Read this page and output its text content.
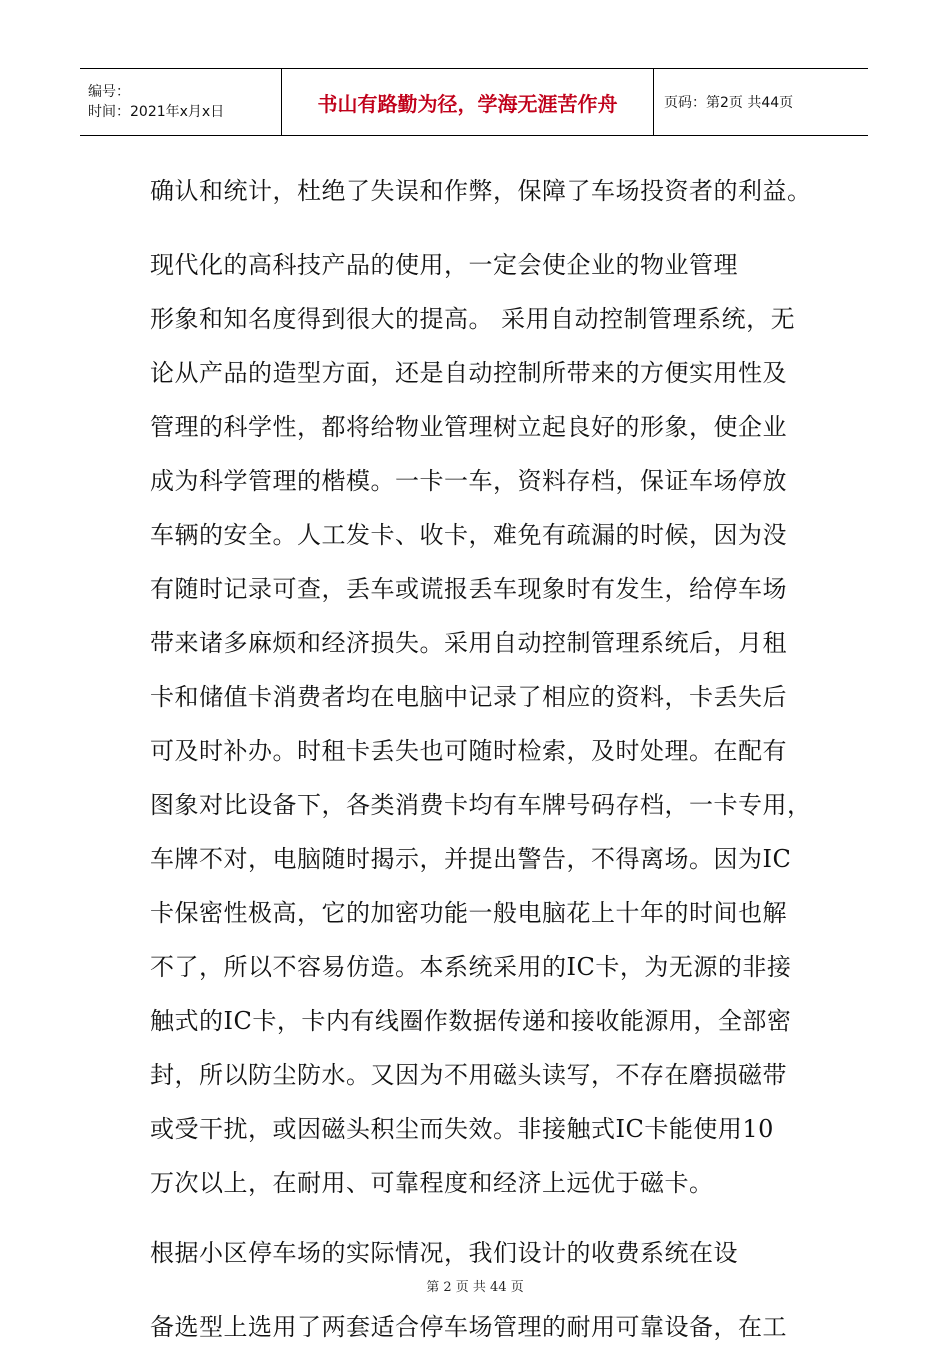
编号：
时间：2021年x月x日	书山有路勤为径，学海无涯苦作舟	页码：第2页 共44页

确认和统计，杜绝了失误和作弊，保障了车场投资者的利益。

现代化的高科技产品的使用，一定会使企业的物业管理

形象和知名度得到很大的提高。 采用自动控制管理系统，无

论从产品的造型方面，还是自动控制所带来的方便实用性及

管理的科学性，都将给物业管理树立起良好的形象，使企业

成为科学管理的楷模。一卡一车，资料存档，保证车场停放

车辆的安全。人工发卡、收卡，难免有疏漏的时候，因为没

有随时记录可查，丢车或谎报丢车现象时有发生，给停车场

带来诸多麻烦和经济损失。采用自动控制管理系统后，月租

卡和储值卡消费者均在电脑中记录了相应的资料，卡丢失后

可及时补办。时租卡丢失也可随时检索，及时处理。在配有

图象对比设备下，各类消费卡均有车牌号码存档，一卡专用，

车牌不对，电脑随时揭示，并提出警告，不得离场。因为IC

卡保密性极高，它的加密功能一般电脑花上十年的时间也解

不了，所以不容易仿造。本系统采用的IC卡，为无源的非接

触式的IC卡，卡内有线圈作数据传递和接收能源用，全部密

封，所以防尘防水。又因为不用磁头读写，不存在磨损磁带

或受干扰，或因磁头积尘而失效。非接触式IC卡能使用10

万次以上，在耐用、可靠程度和经济上远优于磁卡。

根据小区停车场的实际情况，我们设计的收费系统在设

备选型上选用了两套适合停车场管理的耐用可靠设备，在工

第 2 页 共 44 页
